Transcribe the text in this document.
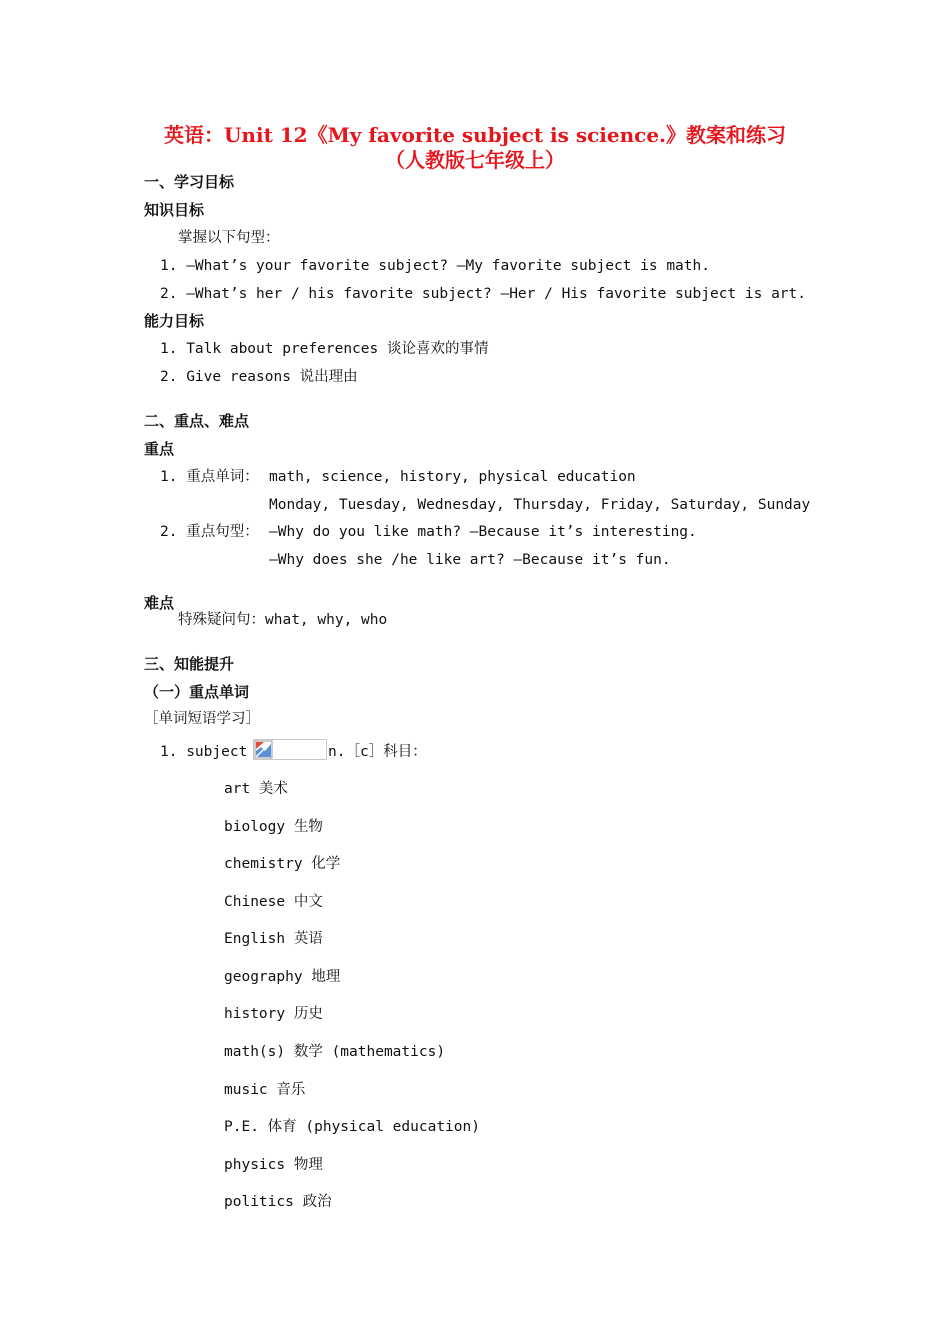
英语：Unit 12《My favorite subject is science.》教案和练习
（人教版七年级上）
一、学习目标
知识目标
掌握以下句型：
1. —What’s your favorite subject? —My favorite subject is math.
2. —What’s her / his favorite subject? —Her / His favorite subject is art.
能力目标
1. Talk about preferences 谈论喜欢的事情
2. Give reasons 说出理由
二、重点、难点
重点
1. 重点单词： math, science, history, physical education
Monday, Tuesday, Wednesday, Thursday, Friday, Saturday, Sunday
2. 重点句型： —Why do you like math? —Because it’s interesting.
—Why does she /he like art? —Because it’s fun.
难点
特殊疑问句：what, why, who
三、知能提升
（一）重点单词
［单词短语学习］
1. subject	n.［c］科目：
art 美术
biology 生物
chemistry 化学
Chinese 中文
English 英语
geography 地理
history 历史
math(s) 数学 (mathematics)
music 音乐
P.E. 体育 (physical education)
physics 物理
politics 政治
